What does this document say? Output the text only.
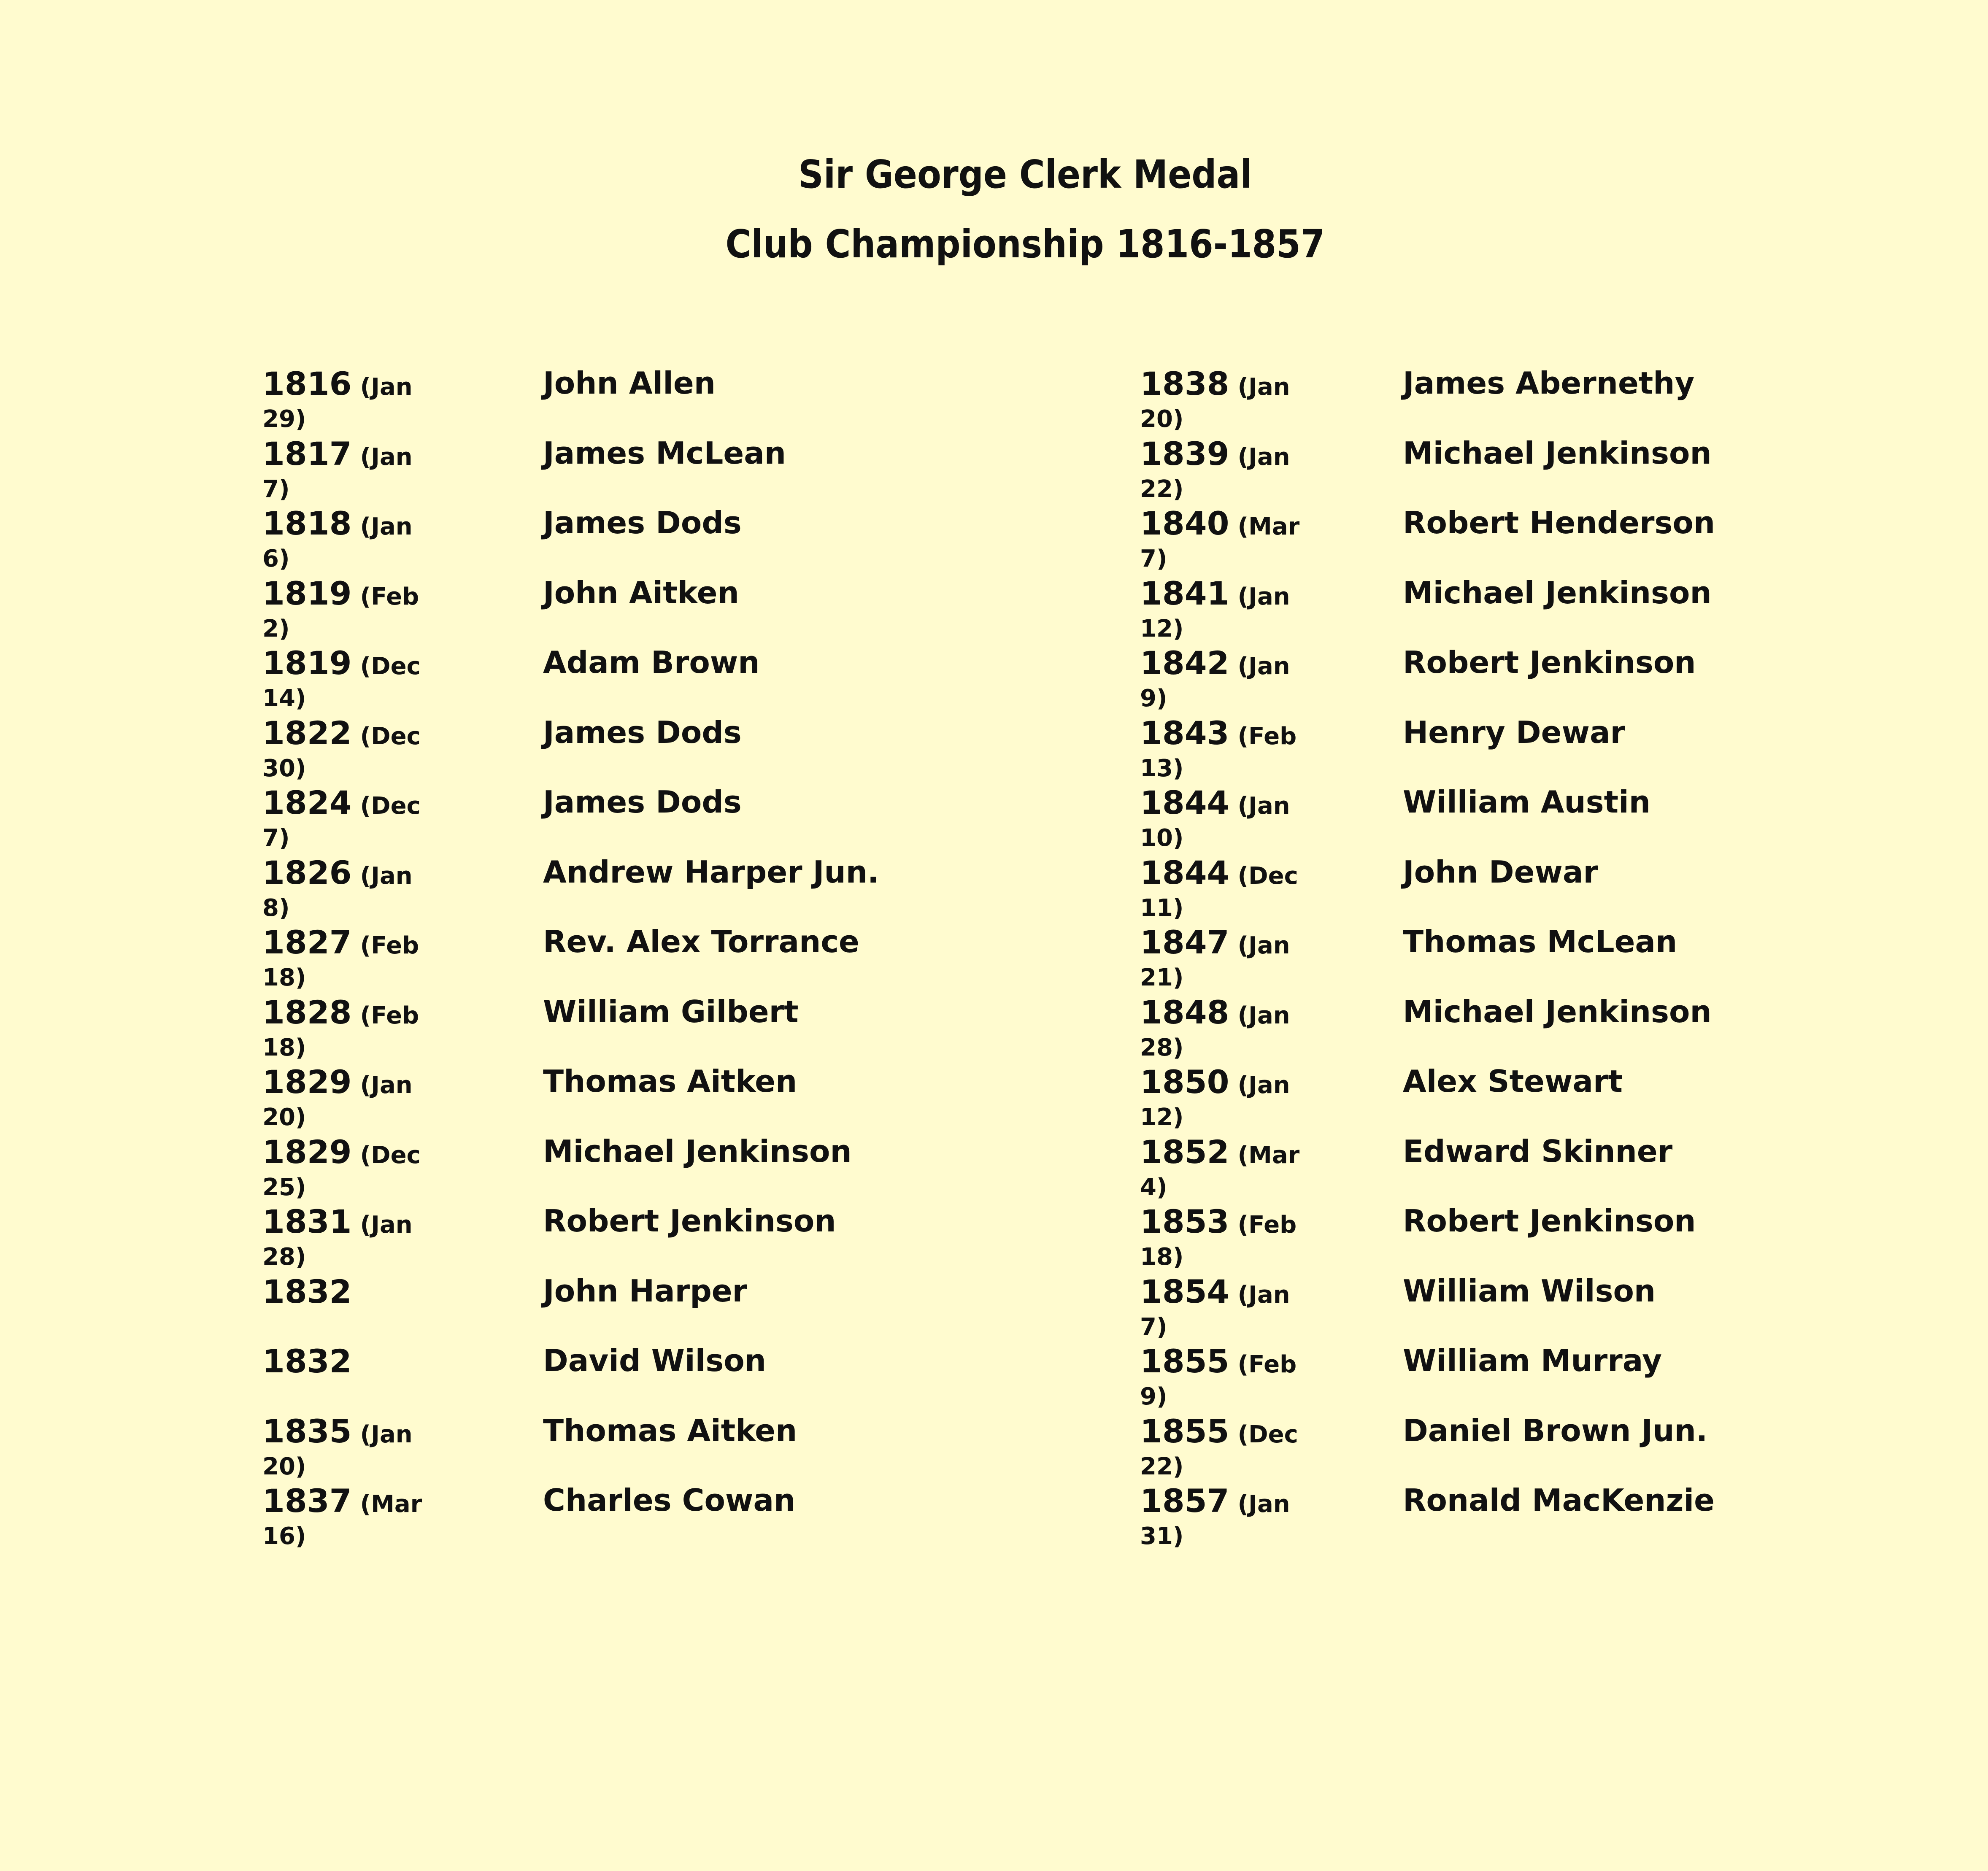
Sir George Clerk Medal
Club Championship 1816-1857
1816 (Jan 29)
John Allen
1817 (Jan 7)
James McLean
1818 (Jan 6)
James Dods
1819 (Feb 2)
John Aitken
1819 (Dec 14)
Adam Brown
1822 (Dec 30)
James Dods
1824 (Dec 7)
James Dods
1826 (Jan 8)
Andrew Harper Jun.
1827 (Feb 18)
Rev. Alex Torrance
1828 (Feb 18)
William Gilbert
1829 (Jan 20)
Thomas Aitken
1829 (Dec 25)
Michael Jenkinson
1831 (Jan 28)
Robert Jenkinson
1832	John Harper
1832	David Wilson
1835 (Jan 20)
Thomas Aitken
1837 (Mar 16)
Charles Cowan
1838 (Jan 20)
James Abernethy
1839 (Jan 22)
Michael Jenkinson
1840 (Mar 7)
Robert Henderson
1841 (Jan 12)
Michael Jenkinson
1842 (Jan 9)
Robert Jenkinson
1843 (Feb 13)
Henry Dewar
1844 (Jan 10)
William Austin
1844 (Dec 11)
John Dewar
1847 (Jan 21)
Thomas McLean
1848 (Jan 28)
Michael Jenkinson
1850 (Jan 12)
Alex Stewart
1852 (Mar 4)
Edward Skinner
1853 (Feb 18)
Robert Jenkinson
1854 (Jan 7)
William Wilson
1855 (Feb 9)
William Murray
1855 (Dec 22)
Daniel Brown Jun.
1857 (Jan 31)
Ronald MacKenzie
